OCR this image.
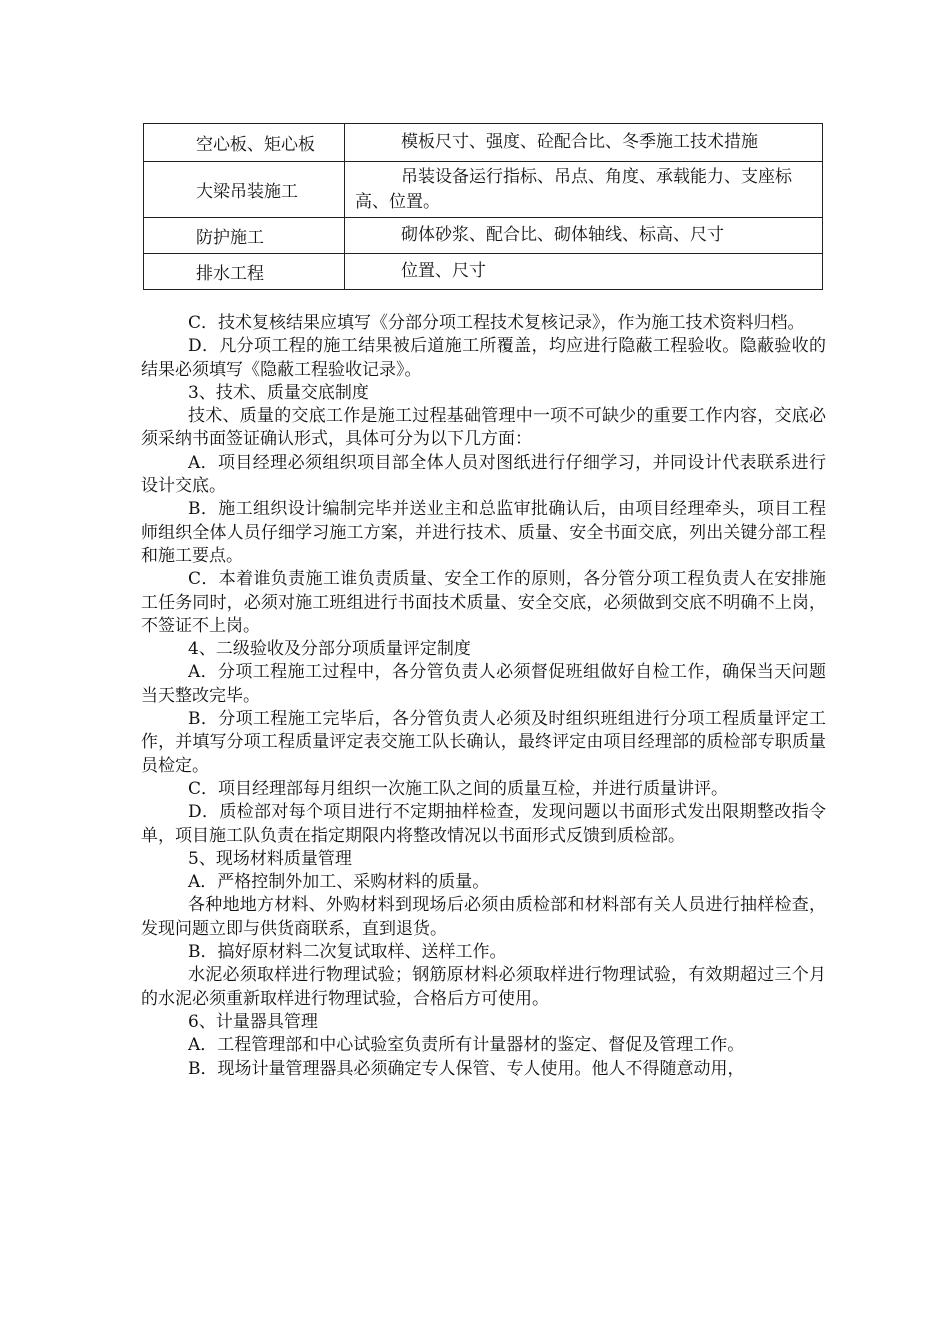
空心板、矩心板	模板尺寸、强度、砼配合比、冬季施工技术措施
大梁吊装施工	吊装设备运行指标、吊点、角度、承载能力、支座标高、位置。
防护施工	砌体砂浆、配合比、砌体轴线、标高、尺寸
排水工程	位置、尺寸

C．技术复核结果应填写《分部分项工程技术复核记录》，作为施工技术资料归档。

D．凡分项工程的施工结果被后道施工所覆盖，均应进行隐蔽工程验收。隐蔽验收的结果必须填写《隐蔽工程验收记录》。

3、技术、质量交底制度

技术、质量的交底工作是施工过程基础管理中一项不可缺少的重要工作内容，交底必须采纳书面签证确认形式，具体可分为以下几方面：

A．项目经理必须组织项目部全体人员对图纸进行仔细学习，并同设计代表联系进行设计交底。

B．施工组织设计编制完毕并送业主和总监审批确认后，由项目经理牵头，项目工程师组织全体人员仔细学习施工方案，并进行技术、质量、安全书面交底，列出关键分部工程和施工要点。

C．本着谁负责施工谁负责质量、安全工作的原则，各分管分项工程负责人在安排施工任务同时，必须对施工班组进行书面技术质量、安全交底，必须做到交底不明确不上岗，不签证不上岗。

4、二级验收及分部分项质量评定制度

A．分项工程施工过程中，各分管负责人必须督促班组做好自检工作，确保当天问题当天整改完毕。

B．分项工程施工完毕后，各分管负责人必须及时组织班组进行分项工程质量评定工作，并填写分项工程质量评定表交施工队长确认，最终评定由项目经理部的质检部专职质量员检定。

C．项目经理部每月组织一次施工队之间的质量互检，并进行质量讲评。

D．质检部对每个项目进行不定期抽样检查，发现问题以书面形式发出限期整改指令单，项目施工队负责在指定期限内将整改情况以书面形式反馈到质检部。

5、现场材料质量管理

A．严格控制外加工、采购材料的质量。

各种地地方材料、外购材料到现场后必须由质检部和材料部有关人员进行抽样检查，发现问题立即与供货商联系，直到退货。

B．搞好原材料二次复试取样、送样工作。

水泥必须取样进行物理试验；钢筋原材料必须取样进行物理试验，有效期超过三个月的水泥必须重新取样进行物理试验，合格后方可使用。

6、计量器具管理

A．工程管理部和中心试验室负责所有计量器材的鉴定、督促及管理工作。

B．现场计量管理器具必须确定专人保管、专人使用。他人不得随意动用，
